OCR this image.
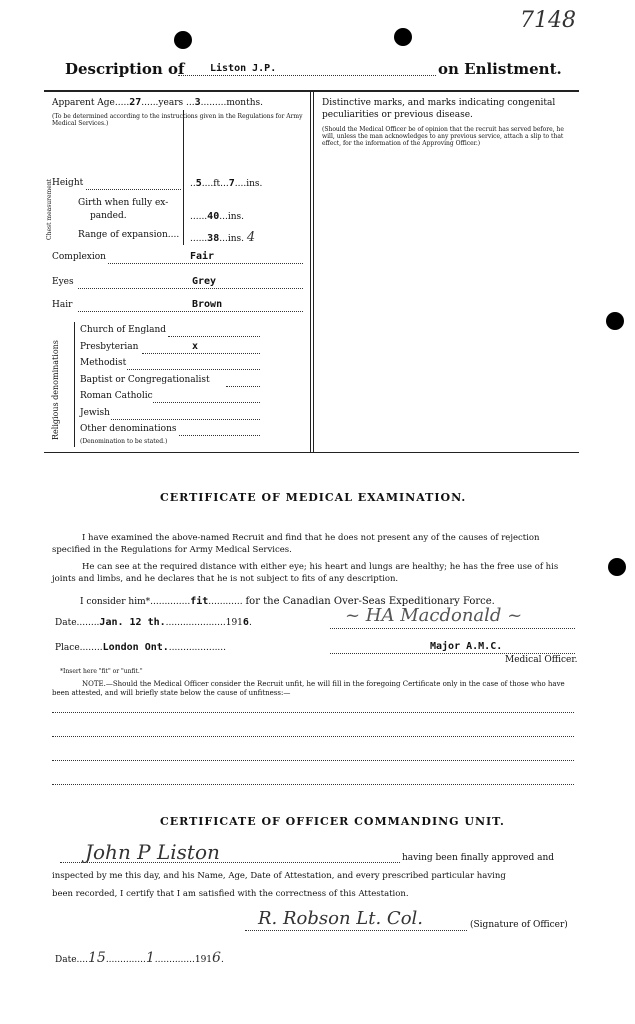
7148
Description of	Liston J.P.	on Enlistment.
Apparent Age.....27......years ...3.........months.
(To be determined according to the instructions given in the Regulations for Army Medical Services.)
Height	..5....ft...7....ins.
Chest measurement	Girth when fully ex-
panded.	......40...ins.
Range of expansion.... ......38...ins. 4
Complexion	Fair
Eyes	Grey
Hair	Brown
Religious denominations
Church of England
Presbyterian	x
Methodist
Baptist or Congregationalist
Roman Catholic
Jewish
Other denominations
(Denomination to be stated.)
Distinctive marks, and marks indicating congenital peculiarities or previous disease.
(Should the Medical Officer be of opinion that the recruit has served before, he will, unless the man acknowledges to any previous service, attach a slip to that effect, for the information of the Approving Officer.)
CERTIFICATE OF MEDICAL EXAMINATION.

I have examined the above-named Recruit and find that he does not present any of the causes of rejection specified in the Regulations for Army Medical Services.

He can see at the required distance with either eye; his heart and lungs are healthy; he has the free use of his joints and limbs, and he declares that he is not subject to fits of any description.

I consider him*..............fit............ for the Canadian Over-Seas Expeditionary Force.
Date........Jan. 12 th......................1916.	~ HA Macdonald ~
Place........London Ont.....................	Major A.M.C.
Medical Officer.
*Insert here "fit" or "unfit."

NOTE.—Should the Medical Officer consider the Recruit unfit, he will fill in the foregoing Certificate only in the case of those who have been attested, and will briefly state below the cause of unfitness:—

CERTIFICATE OF OFFICER COMMANDING UNIT.
John P Liston	having been finally approved and
inspected by me this day, and his Name, Age, Date of Attestation, and every prescribed particular having
been recorded, I certify that I am satisfied with the correctness of this Attestation.
R. Robson Lt. Col.	(Signature of Officer)
Date....15..............1..............1916.
